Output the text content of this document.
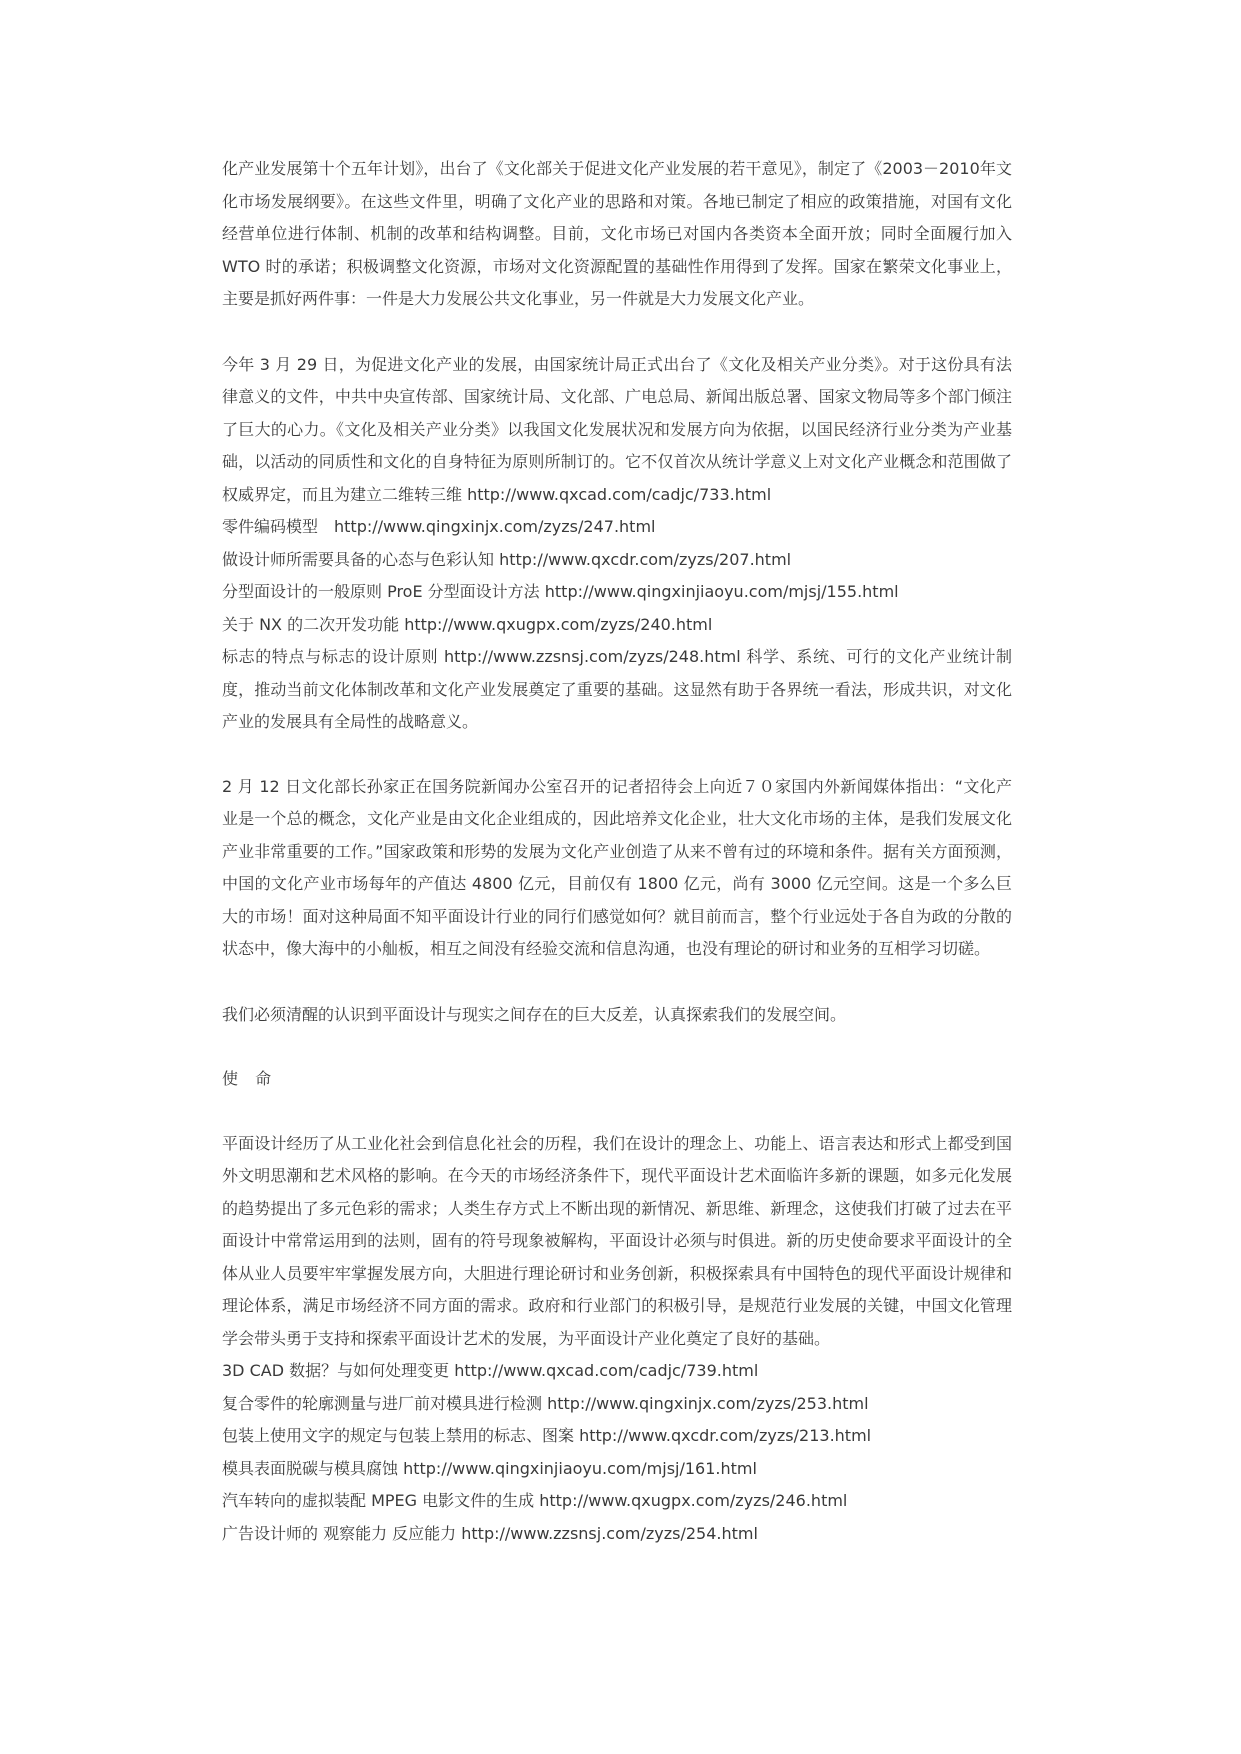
化产业发展第十个五年计划》，出台了《文化部关于促进文化产业发展的若干意见》，制定了《2003－2010年文化市场发展纲要》。在这些文件里，明确了文化产业的思路和对策。各地已制定了相应的政策措施，对国有文化经营单位进行体制、机制的改革和结构调整。目前，文化市场已对国内各类资本全面开放；同时全面履行加入 WTO 时的承诺；积极调整文化资源，市场对文化资源配置的基础性作用得到了发挥。国家在繁荣文化事业上，主要是抓好两件事：一件是大力发展公共文化事业，另一件就是大力发展文化产业。

今年 3 月 29 日，为促进文化产业的发展，由国家统计局正式出台了《文化及相关产业分类》。对于这份具有法律意义的文件，中共中央宣传部、国家统计局、文化部、广电总局、新闻出版总署、国家文物局等多个部门倾注了巨大的心力。《文化及相关产业分类》以我国文化发展状况和发展方向为依据，以国民经济行业分类为产业基础，以活动的同质性和文化的自身特征为原则所制订的。它不仅首次从统计学意义上对文化产业概念和范围做了权威界定，而且为建立二维转三维 http://www.qxcad.com/cadjc/733.html

零件编码模型　http://www.qingxinjx.com/zyzs/247.html
做设计师所需要具备的心态与色彩认知 http://www.qxcdr.com/zyzs/207.html
分型面设计的一般原则 ProE 分型面设计方法 http://www.qingxinjiaoyu.com/mjsj/155.html
关于 NX 的二次开发功能 http://www.qxugpx.com/zyzs/240.html

标志的特点与标志的设计原则 http://www.zzsnsj.com/zyzs/248.html 科学、系统、可行的文化产业统计制度，推动当前文化体制改革和文化产业发展奠定了重要的基础。这显然有助于各界统一看法，形成共识，对文化产业的发展具有全局性的战略意义。

2 月 12 日文化部长孙家正在国务院新闻办公室召开的记者招待会上向近７０家国内外新闻媒体指出：“文化产业是一个总的概念，文化产业是由文化企业组成的，因此培养文化企业，壮大文化市场的主体，是我们发展文化产业非常重要的工作。”国家政策和形势的发展为文化产业创造了从来不曾有过的环境和条件。据有关方面预测，中国的文化产业市场每年的产值达 4800 亿元，目前仅有 1800 亿元，尚有 3000 亿元空间。这是一个多么巨大的市场！面对这种局面不知平面设计行业的同行们感觉如何？就目前而言，整个行业远处于各自为政的分散的状态中，像大海中的小舢板，相互之间没有经验交流和信息沟通，也没有理论的研讨和业务的互相学习切磋。

我们必须清醒的认识到平面设计与现实之间存在的巨大反差，认真探索我们的发展空间。

使 命

平面设计经历了从工业化社会到信息化社会的历程，我们在设计的理念上、功能上、语言表达和形式上都受到国外文明思潮和艺术风格的影响。在今天的市场经济条件下，现代平面设计艺术面临许多新的课题，如多元化发展的趋势提出了多元色彩的需求；人类生存方式上不断出现的新情况、新思维、新理念，这使我们打破了过去在平面设计中常常运用到的法则，固有的符号现象被解构，平面设计必须与时俱进。新的历史使命要求平面设计的全体从业人员要牢牢掌握发展方向，大胆进行理论研讨和业务创新，积极探索具有中国特色的现代平面设计规律和理论体系，满足市场经济不同方面的需求。政府和行业部门的积极引导，是规范行业发展的关键，中国文化管理学会带头勇于支持和探索平面设计艺术的发展，为平面设计产业化奠定了良好的基础。

3D CAD 数据？与如何处理变更 http://www.qxcad.com/cadjc/739.html
复合零件的轮廓测量与进厂前对模具进行检测 http://www.qingxinjx.com/zyzs/253.html
包装上使用文字的规定与包装上禁用的标志、图案 http://www.qxcdr.com/zyzs/213.html
模具表面脱碳与模具腐蚀 http://www.qingxinjiaoyu.com/mjsj/161.html
汽车转向的虚拟装配 MPEG 电影文件的生成 http://www.qxugpx.com/zyzs/246.html
广告设计师的 观察能力 反应能力 http://www.zzsnsj.com/zyzs/254.html
